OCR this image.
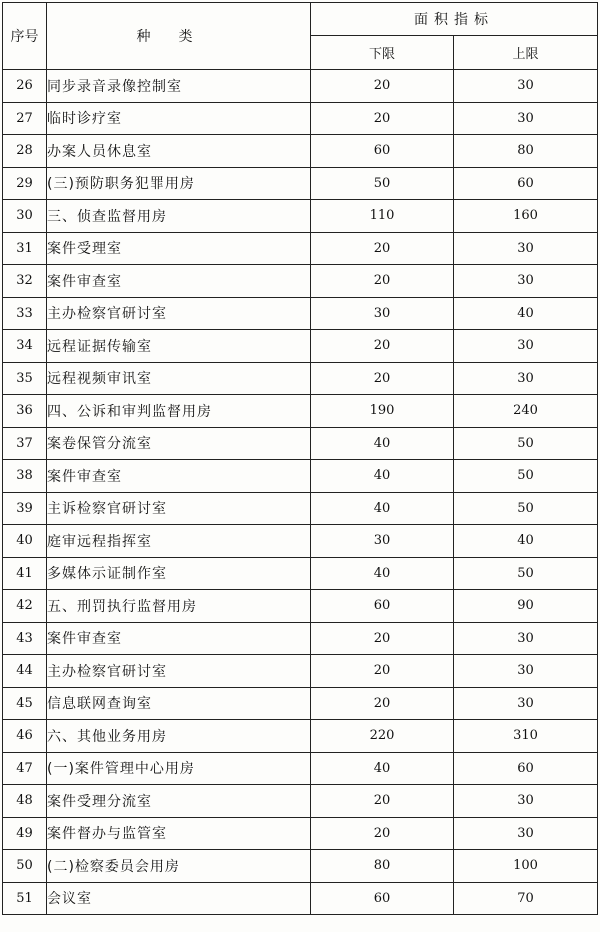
序号	种类	面积指标	
		下限	上限
26	同步录音录像控制室	20	30
27	临时诊疗室	20	30
28	办案人员休息室	60	80
29	(三)预防职务犯罪用房	50	60
30	三、侦查监督用房	110	160
31	案件受理室	20	30
32	案件审查室	20	30
33	主办检察官研讨室	30	40
34	远程证据传输室	20	30
35	远程视频审讯室	20	30
36	四、公诉和审判监督用房	190	240
37	案卷保管分流室	40	50
38	案件审查室	40	50
39	主诉检察官研讨室	40	50
40	庭审远程指挥室	30	40
41	多媒体示证制作室	40	50
42	五、刑罚执行监督用房	60	90
43	案件审查室	20	30
44	主办检察官研讨室	20	30
45	信息联网查询室	20	30
46	六、其他业务用房	220	310
47	(一)案件管理中心用房	40	60
48	案件受理分流室	20	30
49	案件督办与监管室	20	30
50	(二)检察委员会用房	80	100
51	会议室	60	70
